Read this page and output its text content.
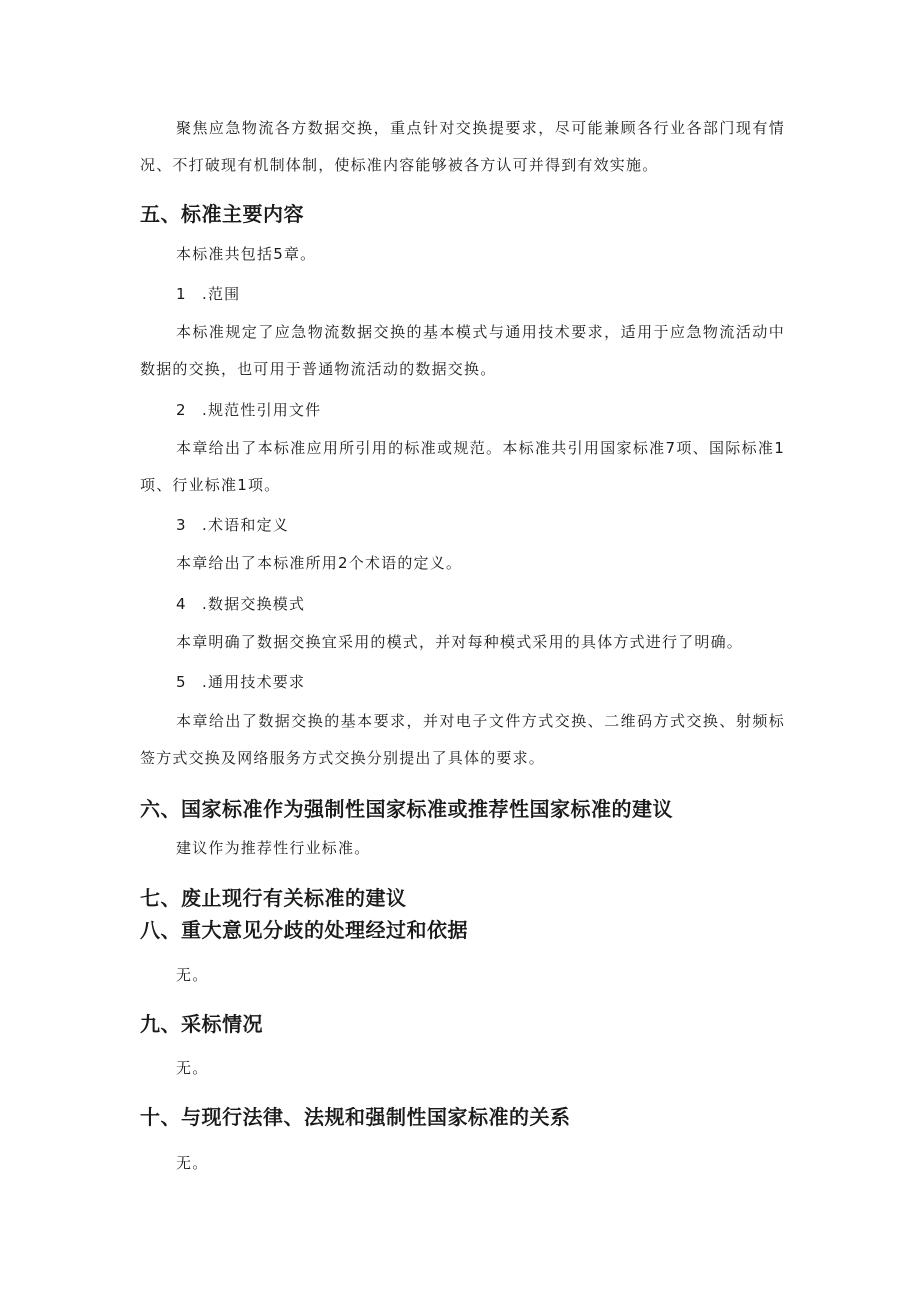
聚焦应急物流各方数据交换，重点针对交换提要求，尽可能兼顾各行业各部门现有情况、不打破现有机制体制，使标准内容能够被各方认可并得到有效实施。

五、标准主要内容

本标准共包括5章。

1 .范围

本标准规定了应急物流数据交换的基本模式与通用技术要求，适用于应急物流活动中数据的交换，也可用于普通物流活动的数据交换。

2 .规范性引用文件

本章给出了本标准应用所引用的标准或规范。本标准共引用国家标准7项、国际标准1项、行业标准1项。

3 .术语和定义

本章给出了本标准所用2个术语的定义。

4 .数据交换模式

本章明确了数据交换宜采用的模式，并对每种模式采用的具体方式进行了明确。

5 .通用技术要求

本章给出了数据交换的基本要求，并对电子文件方式交换、二维码方式交换、射频标签方式交换及网络服务方式交换分别提出了具体的要求。

六、国家标准作为强制性国家标准或推荐性国家标准的建议

建议作为推荐性行业标准。

七、废止现行有关标准的建议
八、重大意见分歧的处理经过和依据

无。

九、采标情况

无。

十、与现行法律、法规和强制性国家标准的关系

无。
